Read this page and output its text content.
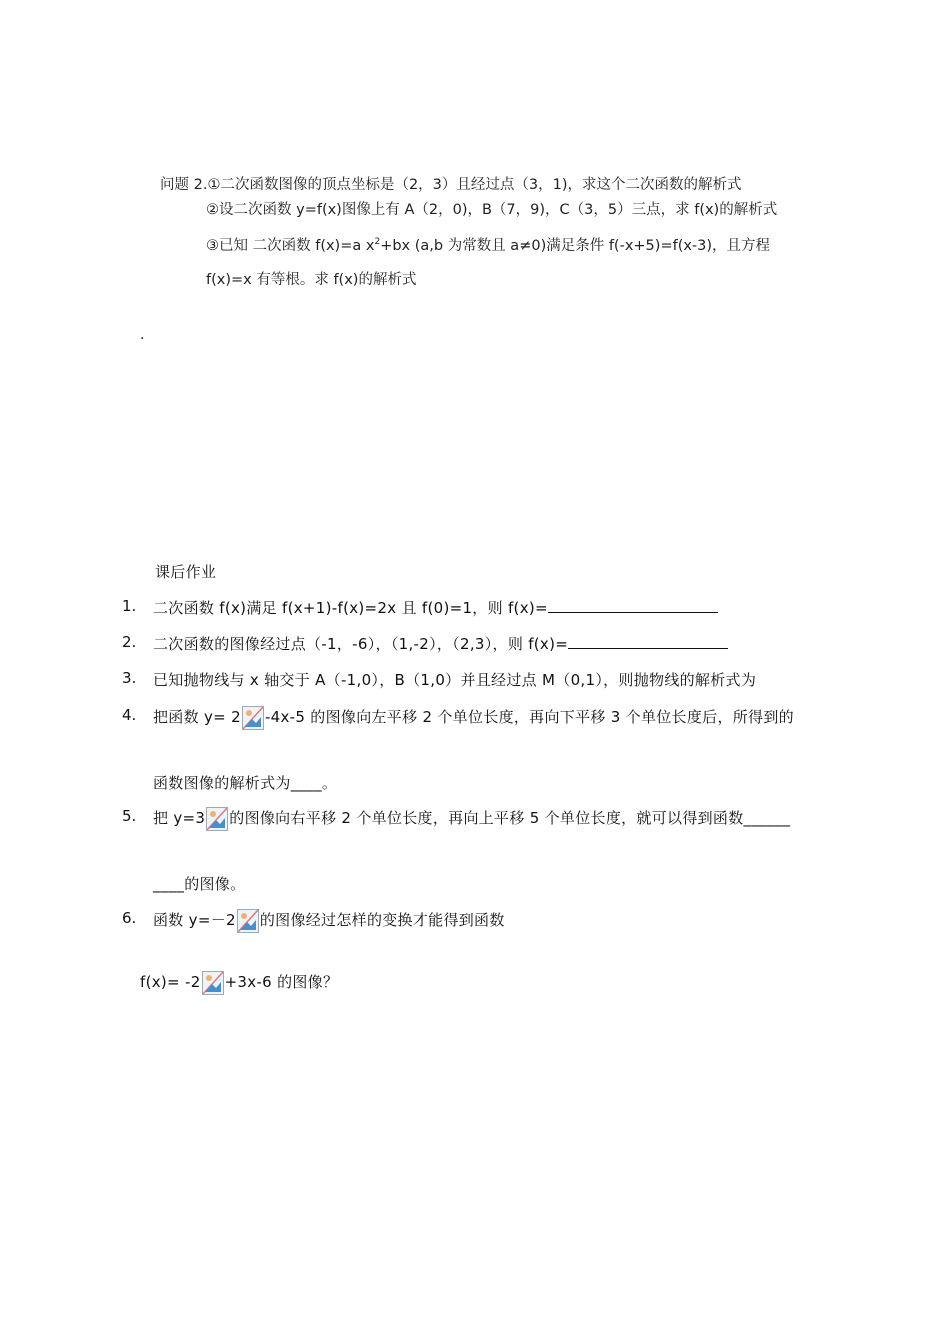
问题 2.①二次函数图像的顶点坐标是（2，3）且经过点（3，1)，求这个二次函数的解析式
②设二次函数 y=f(x)图像上有 A（2，0)，B（7，9)，C（3，5）三点，求 f(x)的解析式
③已知 二次函数 f(x)=a $x^2+bx$ (a,b 为常数且 a≠0)满足条件 f(-x+5)=f(x-3)，且方程
f(x)=x 有等根。求 f(x)的解析式
.
课后作业
1. 二次函数 f(x)满足 f(x+1)-f(x)=2x 且 f(0)=1，则 f(x)=
2. 二次函数的图像经过点（-1，-6），（1,-2），（2,3），则 f(x)=
3. 已知抛物线与 x 轴交于 A（-1,0），B（1,0）并且经过点 M（0,1），则抛物线的解析式为
4. 把函数 y= 2 -4x-5 的图像向左平移 2 个单位长度，再向下平移 3 个单位长度后，所得到的
函数图像的解析式为____。
5. 把 y=3 的图像向右平移 2 个单位长度，再向上平移 5 个单位长度，就可以得到函数______
____的图像。
6. 函数 y=－2 的图像经过怎样的变换才能得到函数
f(x)= -2 +3x-6 的图像？
